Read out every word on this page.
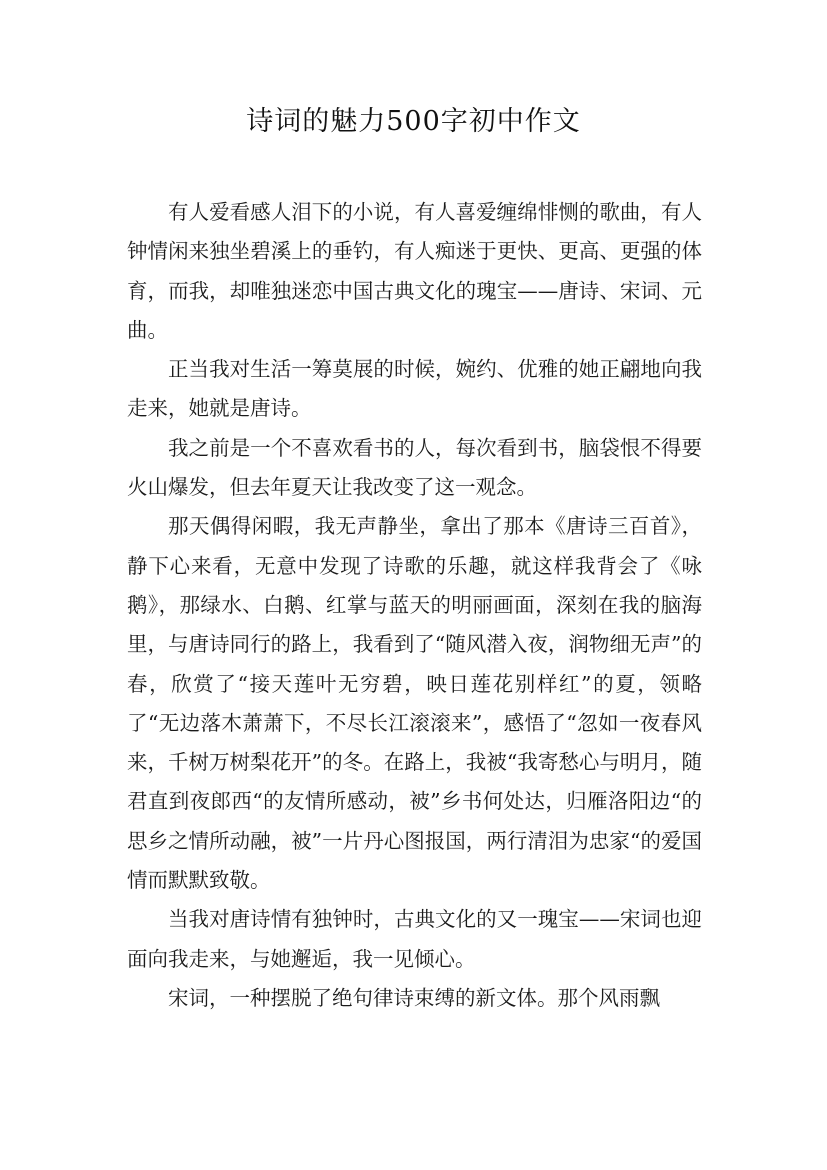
诗词的魅力500字初中作文

有人爱看感人泪下的小说，有人喜爱缠绵悱恻的歌曲，有人钟情闲来独坐碧溪上的垂钓，有人痴迷于更快、更高、更强的体育，而我，却唯独迷恋中国古典文化的瑰宝——唐诗、宋词、元曲。

正当我对生活一筹莫展的时候，婉约、优雅的她正翩地向我走来，她就是唐诗。

我之前是一个不喜欢看书的人，每次看到书，脑袋恨不得要火山爆发，但去年夏天让我改变了这一观念。

那天偶得闲暇，我无声静坐，拿出了那本《唐诗三百首》，静下心来看，无意中发现了诗歌的乐趣，就这样我背会了《咏鹅》，那绿水、白鹅、红掌与蓝天的明丽画面，深刻在我的脑海里，与唐诗同行的路上，我看到了“随风潜入夜，润物细无声”的春，欣赏了“接天莲叶无穷碧，映日莲花别样红”的夏，领略了“无边落木萧萧下，不尽长江滚滚来”，感悟了“忽如一夜春风来，千树万树梨花开”的冬。在路上，我被“我寄愁心与明月，随君直到夜郎西“的友情所感动，被”乡书何处达，归雁洛阳边“的思乡之情所动融，被”一片丹心图报国，两行清泪为忠家“的爱国情而默默致敬。

当我对唐诗情有独钟时，古典文化的又一瑰宝——宋词也迎面向我走来，与她邂逅，我一见倾心。

宋词，一种摆脱了绝句律诗束缚的新文体。那个风雨飘
